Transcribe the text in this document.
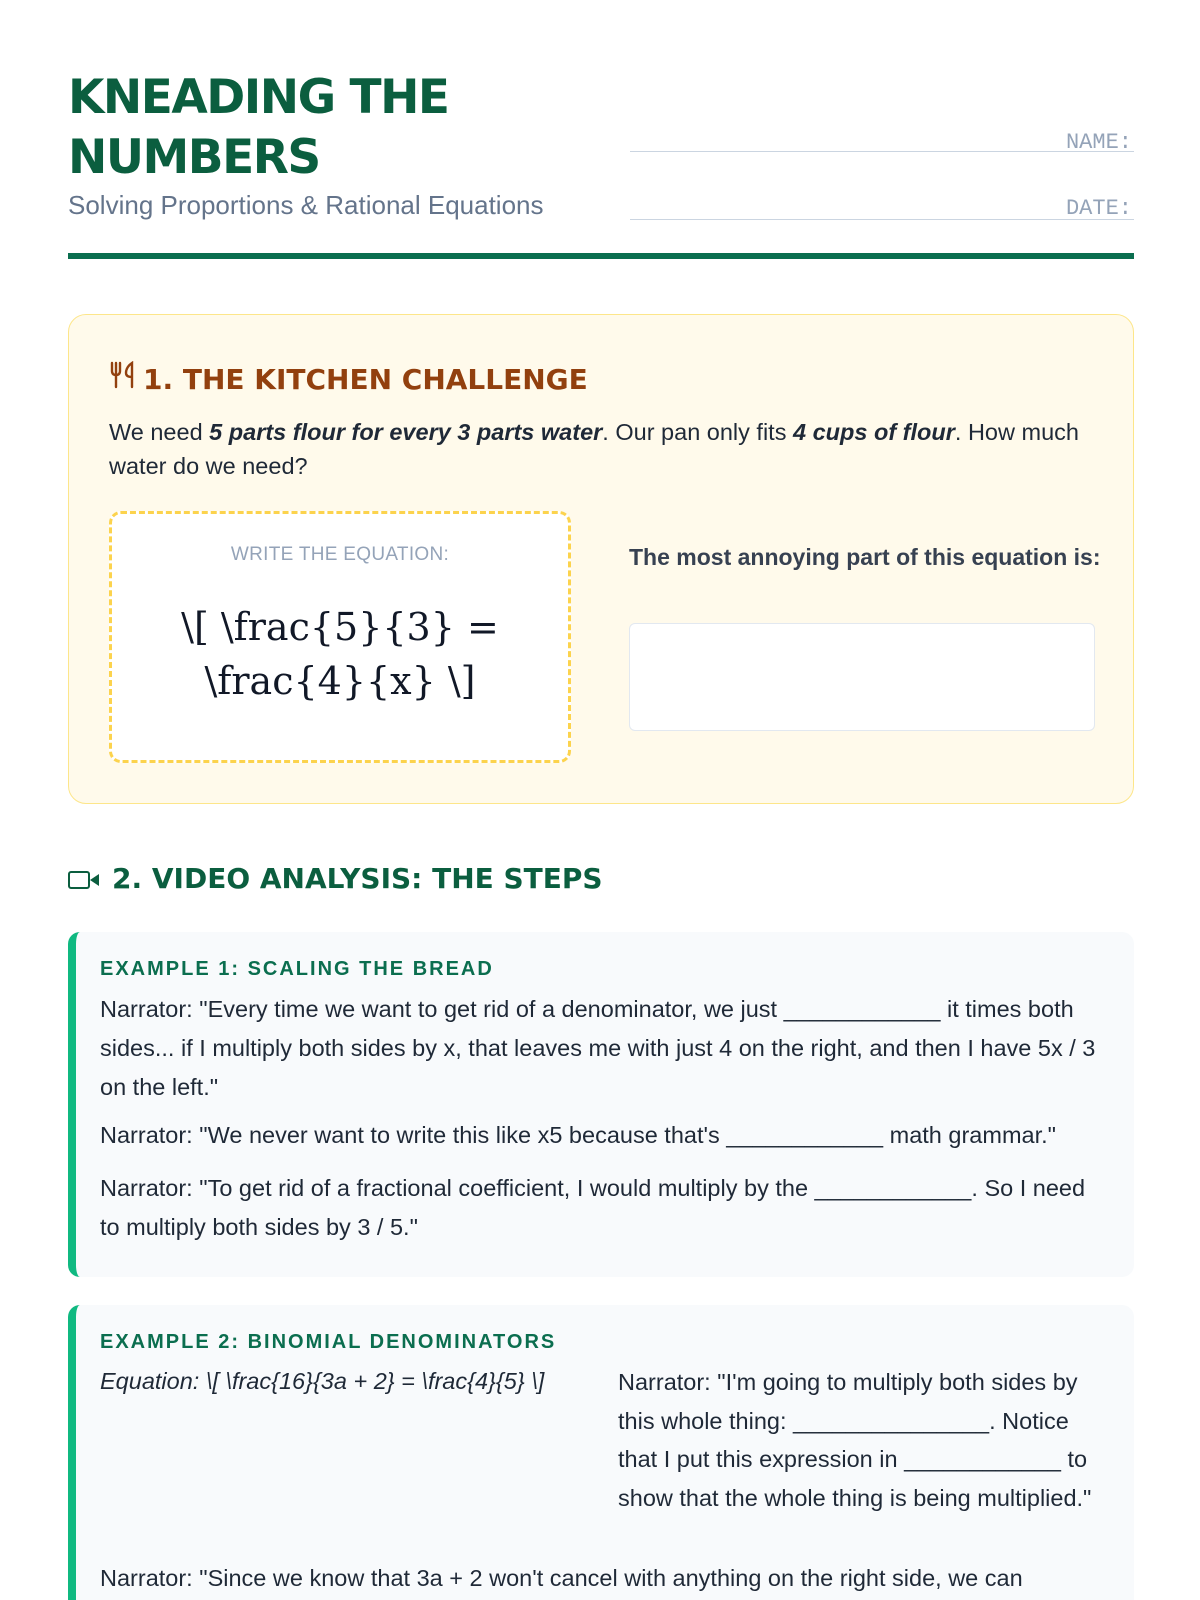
KNEADING THE NUMBERS
Solving Proportions & Rational Equations
NAME:
DATE:
1. THE KITCHEN CHALLENGE
We need 5 parts flour for every 3 parts water. Our pan only fits 4 cups of flour. How much water do we need?
WRITE THE EQUATION:
\[ \frac{5}{3} = \frac{4}{x} \]
The most annoying part of this equation is:
2. VIDEO ANALYSIS: THE STEPS
EXAMPLE 1: SCALING THE BREAD
Narrator: "Every time we want to get rid of a denominator, we just ____________ it times both sides... if I multiply both sides by x, that leaves me with just 4 on the right, and then I have 5x / 3 on the left."
Narrator: "We never want to write this like x5 because that's ____________ math grammar."
Narrator: "To get rid of a fractional coefficient, I would multiply by the ____________. So I need to multiply both sides by 3 / 5."
EXAMPLE 2: BINOMIAL DENOMINATORS
Equation: \[ \frac{16}{3a + 2} = \frac{4}{5} \]	Narrator: "I'm going to multiply both sides by this whole thing: _______________. Notice that I put this expression in ____________ to show that the whole thing is being multiplied."
Narrator: "Since we know that 3a + 2 won't cancel with anything on the right side, we can
